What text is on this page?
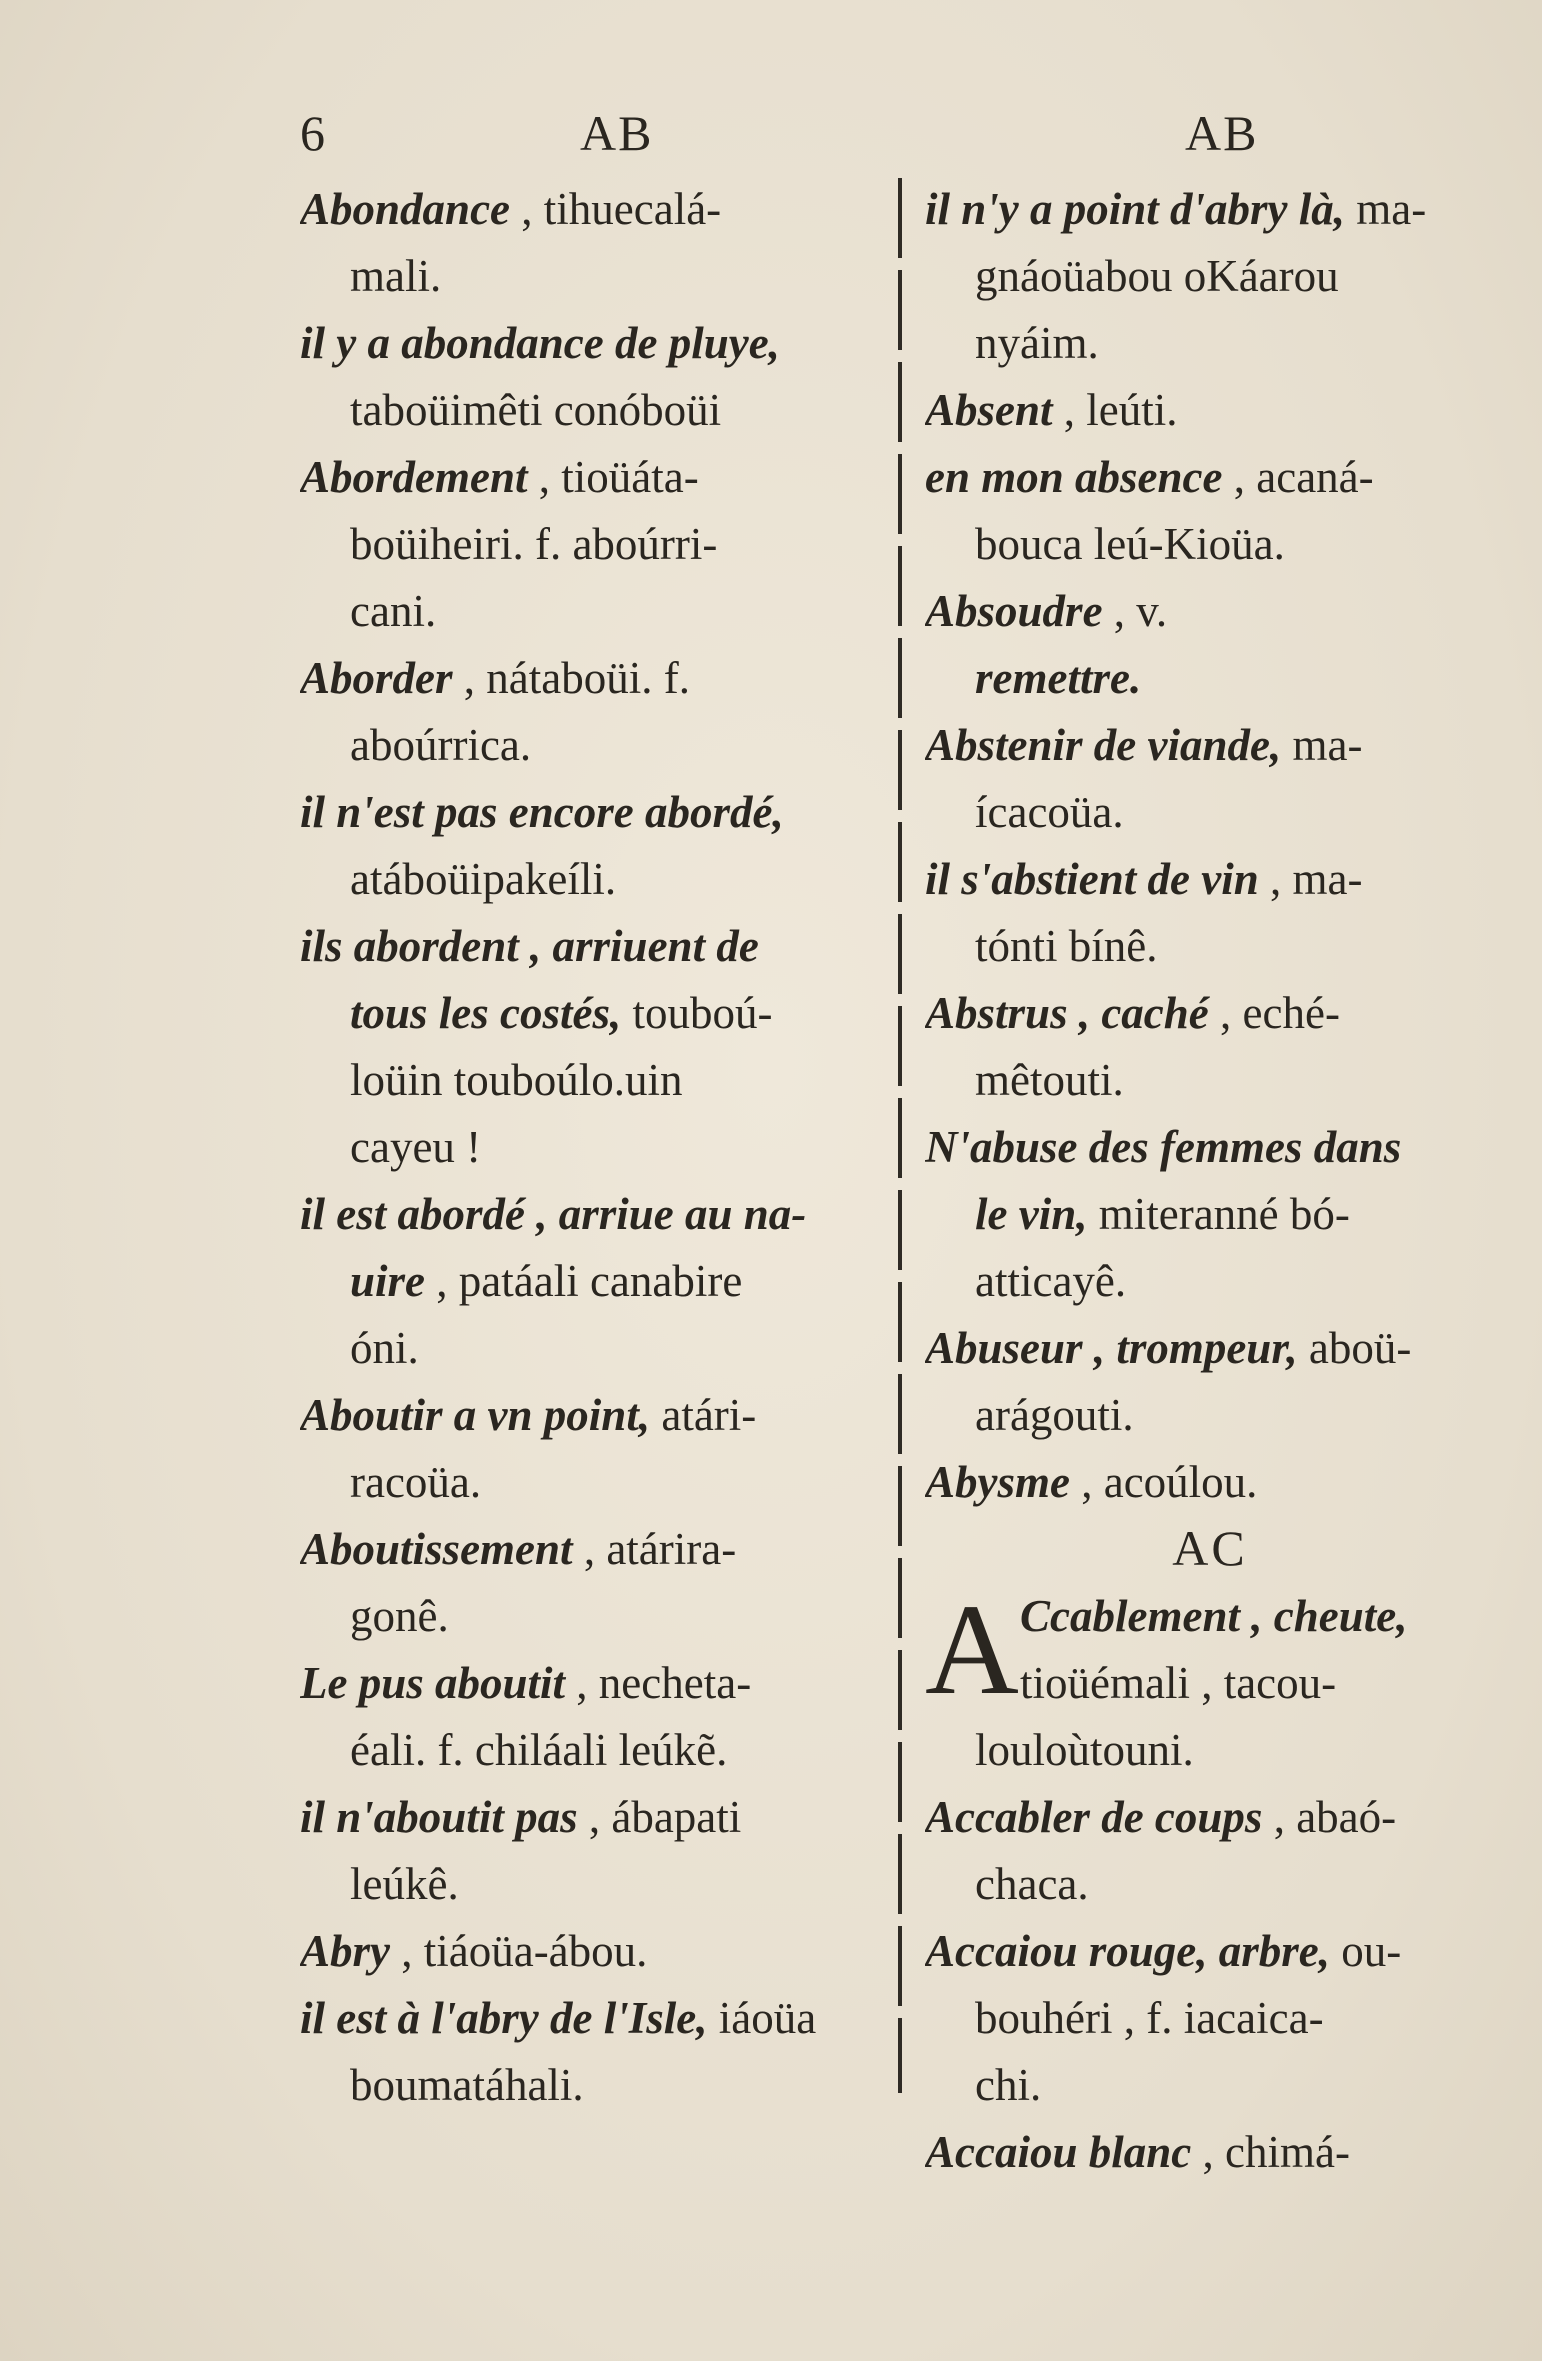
6	AB	AB
Abondance , tihuecalá-
mali.
il y a abondance de pluye,
taboüimêti conóboüi
Abordement , tioüáta-
boüiheiri. f. aboúrri-
cani.
Aborder , nátaboüi. f.
aboúrrica.
il n'est pas encore abordé,
atáboüipakeíli.
ils abordent , arriuent de
tous les costés, touboú-
loüin touboúlo.uin
cayeu !
il est abordé , arriue au na-
uire , patáali canabire
óni.
Aboutir a vn point, atári-
racoüa.
Aboutissement , atárira-
gonê.
Le pus aboutit , necheta-
éali. f. chiláali leúkẽ.
il n'aboutit pas , ábapati
leúkê.
Abry , tiáoüa-ábou.
il est à l'abry de l'Isle, iáoüa
boumatáhali.
il n'y a point d'abry là, ma-
gnáoüabou oKáarou
nyáim.
Absent , leúti.
en mon absence , acaná-
bouca leú-Kioüa.
Absoudre , v.
remettre.
Abstenir de viande, ma-
ícacoüa.
il s'abstient de vin , ma-
tónti bínê.
Abstrus , caché , eché-
mêtouti.
N'abuse des femmes dans
le vin, miteranné bó-
atticayê.
Abuseur , trompeur, aboü-
arágouti.
Abysme , acoúlou.
AC
A Ccablement , cheute,
tioüémali , tacou-
louloùtouni.
Accabler de coups , abaó-
chaca.
Accaiou rouge, arbre, ou-
bouhéri , f. iacaica-
chi.
Accaiou blanc , chimá-
